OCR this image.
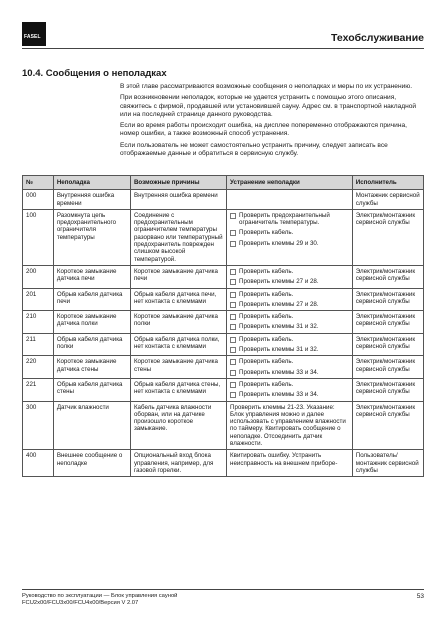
FASEL	Техобслуживание
10.4. Сообщения о неполадках

В этой главе рассматриваются возможные сообщения о неполадках и меры по их устранению.

При возникновении неполадок, которые не удается устранить с помощью этого описания, свяжитесь с фирмой, продавшей или установившей сауну. Адрес см. в транспортной накладной или на последней странице данного руководства.

Если во время работы происходит ошибка, на дисплее попеременно отображаются причина, номер ошибки, а также возможный способ устранения.

Если пользователь не может самостоятельно устранить причину, следует записать все отображаемые данные и обратиться в сервисную службу.

№	Неполадка	Возможные причины	Устранение неполадки	Исполнитель
000	Внутренняя ошибка времени	Внутренняя ошибка времени		Монтажник сервисной службы
100	Разомкнута цепь предохранительного ограничителя температуры	Соединение с предохранительным ограничителем температуры разорвано или температурный предохранитель поврежден слишком высокой температурой.	Проверить предохранительный ограничитель температуры.
Проверить кабель.
Проверить клеммы 29 и 30.	Электрик/монтажник сервисной службы
200	Короткое замыкание датчика печи	Короткое замыкание датчика печи	Проверить кабель.
Проверить клеммы 27 и 28.	Электрик/монтажник сервисной службы
201	Обрыв кабеля датчика печи	Обрыв кабеля датчика печи, нет контакта с клеммами	Проверить кабель.
Проверить клеммы 27 и 28.	Электрик/монтажник сервисной службы
210	Короткое замыкание датчика полки	Короткое замыкание датчика полки	Проверить кабель.
Проверить клеммы 31 и 32.	Электрик/монтажник сервисной службы
211	Обрыв кабеля датчика полки	Обрыв кабеля датчика полки, нет контакта с клеммами	Проверить кабель.
Проверить клеммы 31 и 32.	Электрик/монтажник сервисной службы
220	Короткое замыкание датчика стены	Короткое замыкание датчика стены	Проверить кабель.
Проверить клеммы 33 и 34.	Электрик/монтажник сервисной службы
221	Обрыв кабеля датчика стены	Обрыв кабеля датчика стены, нет контакта с клеммами	Проверить кабель.
Проверить клеммы 33 и 34.	Электрик/монтажник сервисной службы
300	Датчик влажности	Кабель датчика влажности оборван, или на датчике произошло короткое замыкание.	Проверить клеммы 21-23. Указание: Блок управления можно и далее использовать с управлением влажности по таймеру. Квитировать сообщение о неполадке. Отсоединить датчик влажности.	Электрик/монтажник сервисной службы
400	Внешнее сообщение о неполадке	Опциональный вход блока управления, например, для газовой горелки.	Квитировать ошибку. Устранить неисправность на внешнем приборе-	Пользователь/монтажник сервисной службы
Руководство по эксплуатации — Блок управления сауной
FCU2x00/FCU3x00/FCU4x00/Версия V 2.07
53
